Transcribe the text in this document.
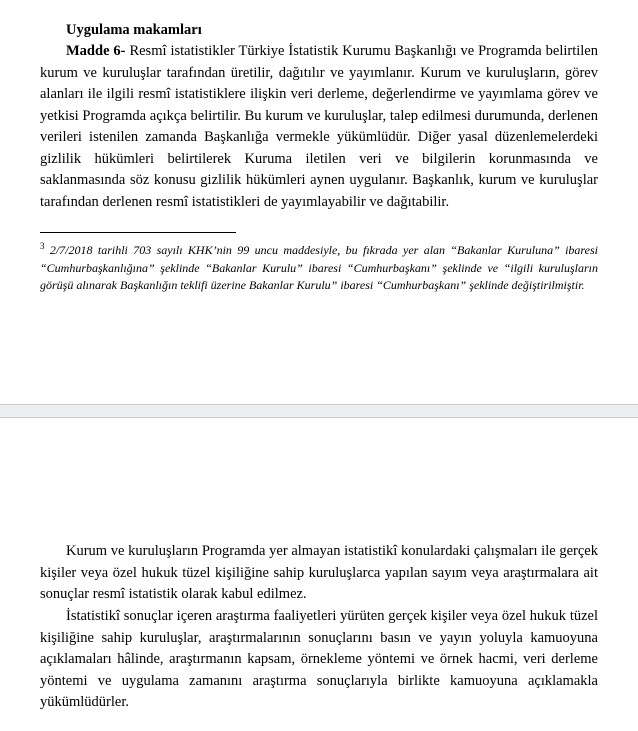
Uygulama makamları

Madde 6- Resmî istatistikler Türkiye İstatistik Kurumu Başkanlığı ve Programda belirtilen kurum ve kuruluşlar tarafından üretilir, dağıtılır ve yayımlanır. Kurum ve kuruluşların, görev alanları ile ilgili resmî istatistiklere ilişkin veri derleme, değerlendirme ve yayımlama görev ve yetkisi Programda açıkça belirtilir. Bu kurum ve kuruluşlar, talep edilmesi durumunda, derlenen verileri istenilen zamanda Başkanlığa vermekle yükümlüdür. Diğer yasal düzenlemelerdeki gizlilik hükümleri belirtilerek Kuruma iletilen veri ve bilgilerin korunmasında ve saklanmasında söz konusu gizlilik hükümleri aynen uygulanır. Başkanlık, kurum ve kuruluşlar tarafından derlenen resmî istatistikleri de yayımlayabilir ve dağıtabilir.

$^3$ 2/7/2018 tarihli 703 sayılı KHK’nin 99 uncu maddesiyle, bu fıkrada yer alan “Bakanlar Kuruluna” ibaresi “Cumhurbaşkanlığına” şeklinde “Bakanlar Kurulu” ibaresi “Cumhurbaşkanı” şeklinde ve “ilgili kuruluşların görüşü alınarak Başkanlığın teklifi üzerine Bakanlar Kurulu” ibaresi “Cumhurbaşkanı” şeklinde değiştirilmiştir.

Kurum ve kuruluşların Programda yer almayan istatistikî konulardaki çalışmaları ile gerçek kişiler veya özel hukuk tüzel kişiliğine sahip kuruluşlarca yapılan sayım veya araştırmalara ait sonuçlar resmî istatistik olarak kabul edilmez.

İstatistikî sonuçlar içeren araştırma faaliyetleri yürüten gerçek kişiler veya özel hukuk tüzel kişiliğine sahip kuruluşlar, araştırmalarının sonuçlarını basın ve yayın yoluyla kamuoyuna açıklamaları hâlinde, araştırmanın kapsam, örnekleme yöntemi ve örnek hacmi, veri derleme yöntemi ve uygulama zamanını araştırma sonuçlarıyla birlikte kamuoyuna açıklamakla yükümlüdürler.
